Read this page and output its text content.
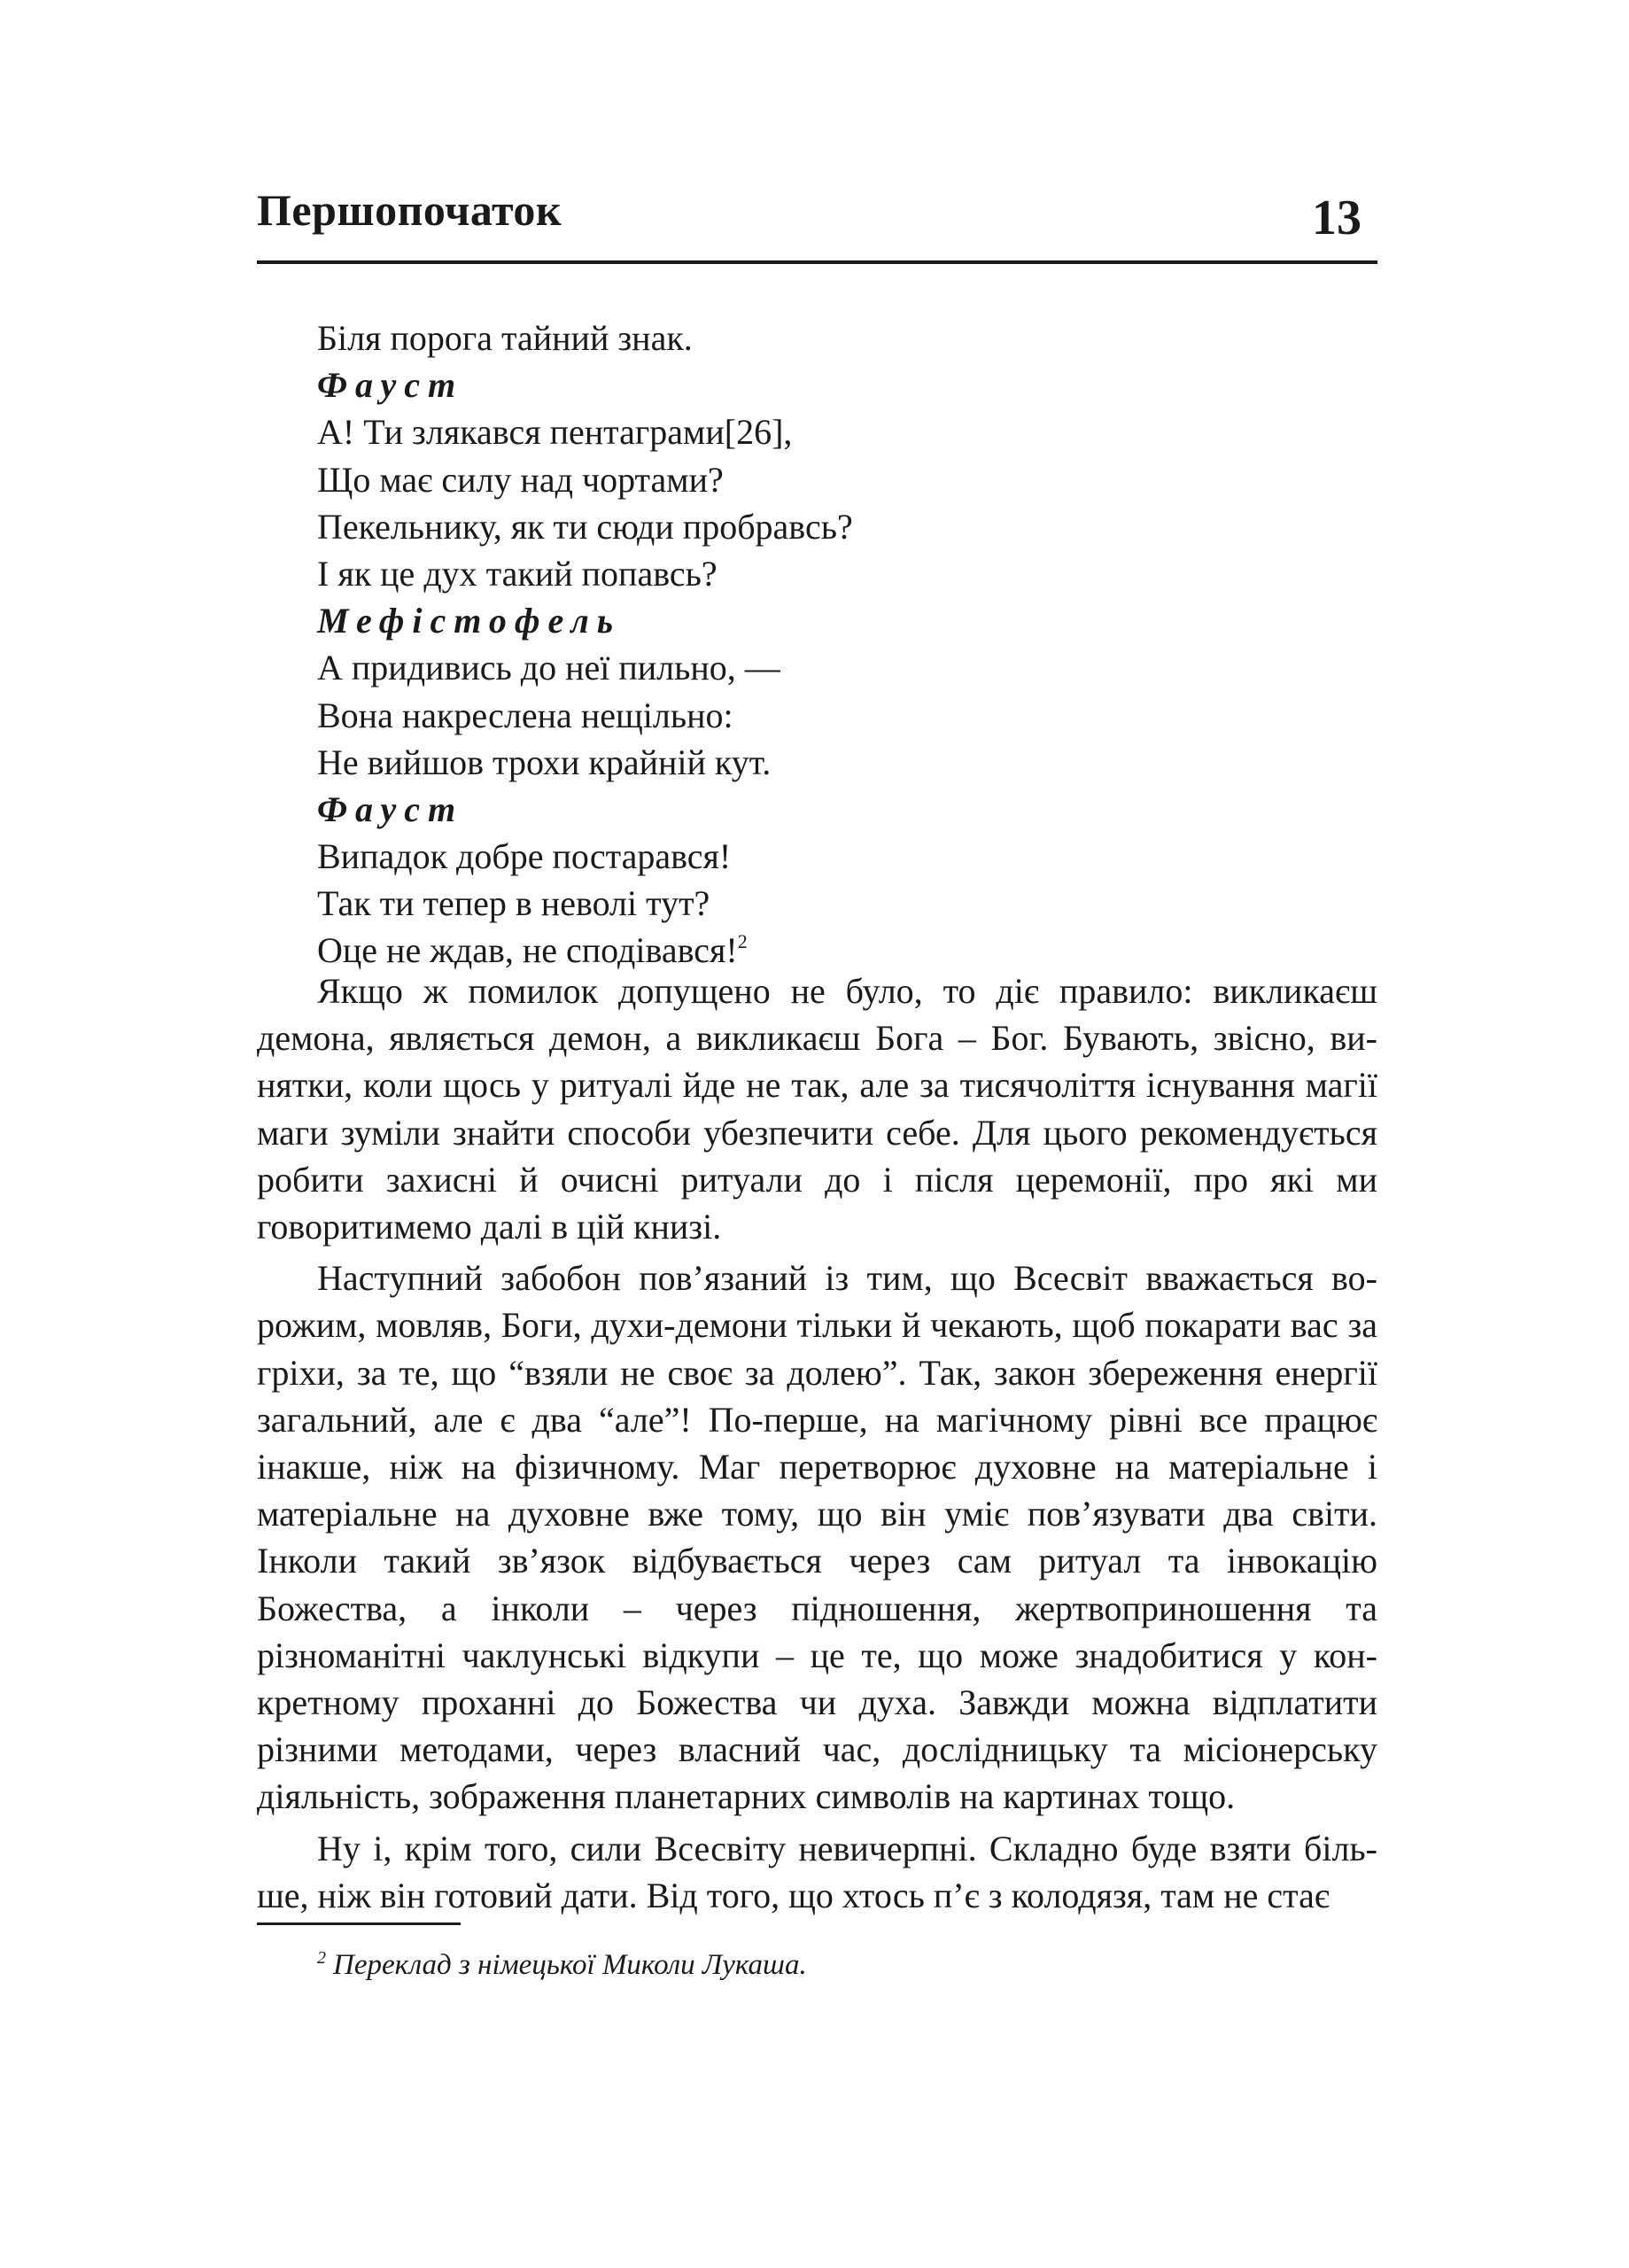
Першопочаток	13
Біля порога тайний знак.
Фауст
А! Ти злякався пентаграми[26],
Що має силу над чортами?
Пекельнику, як ти сюди пробравсь?
І як це дух такий попавсь?
Мефістофель
А придивись до неї пильно, —
Вона накреслена нещільно:
Не вийшов трохи крайній кут.
Фауст
Випадок добре постарався!
Так ти тепер в неволі тут?
Оце не ждав, не сподівався!$^2$

Якщо ж помилок допущено не було, то діє правило: викликаєш демона, являється демон, а викликаєш Бога – Бог. Бувають, звісно, винятки, коли щось у ритуалі йде не так, але за тисячоліття існування магії маги зуміли знайти способи убезпечити себе. Для цього рекомендується робити захисні й очисні ритуали до і після церемонії, про які ми говоритимемо далі в цій книзі.

Наступний забобон пов’язаний із тим, що Всесвіт вважається ворожим, мовляв, Боги, духи-демони тільки й чекають, щоб покарати вас за гріхи, за те, що “взяли не своє за долею”. Так, закон збереження енергії загальний, але є два “але”! По-перше, на магічному рівні все працює інакше, ніж на фізичному. Маг перетворює духовне на матеріальне і матеріальне на духовне вже тому, що він уміє пов’язувати два світи. Інколи такий зв’язок відбувається через сам ритуал та інвокацію Божества, а інколи – через підношення, жертвоприношення та різноманітні чаклунські відкупи – це те, що може знадобитися у конкретному проханні до Божества чи духа. Завжди можна відплатити різними методами, через власний час, дослідницьку та місіонерську діяльність, зображення планетарних символів на картинах тощо.

Ну і, крім того, сили Всесвіту невичерпні. Складно буде взяти більше, ніж він готовий дати. Від того, що хтось п’є з колодязя, там не стає

$^2$ Переклад з німецької Миколи Лукаша.
